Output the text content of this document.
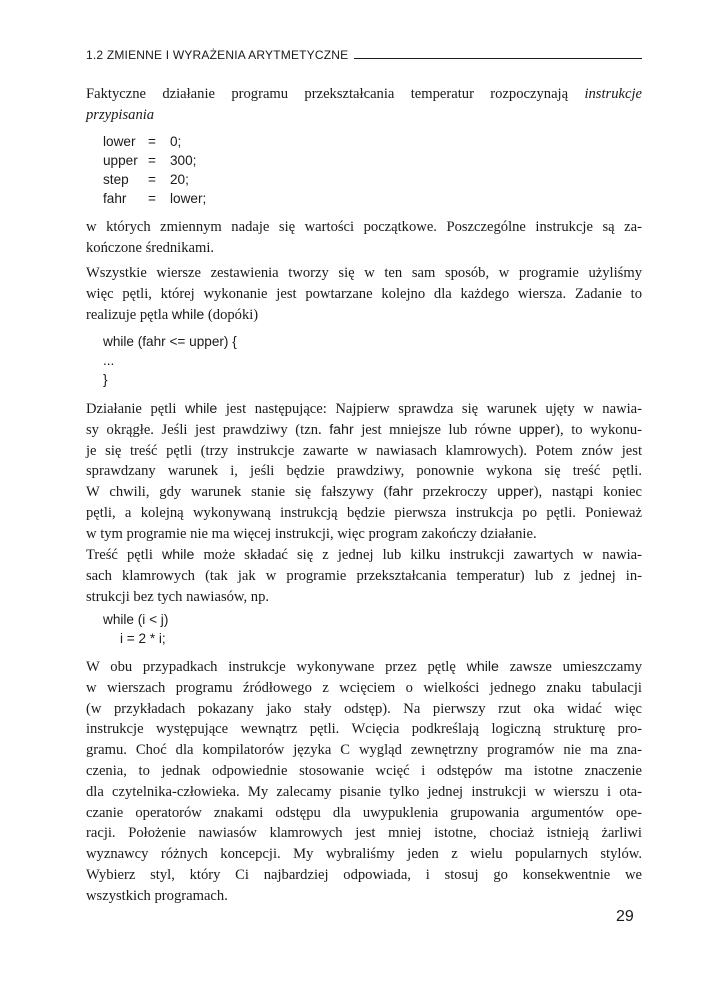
1.2 ZMIENNE I WYRAŻENIA ARYTMETYCZNE
Faktyczne działanie programu przekształcania temperatur rozpoczynają instrukcje
przypisania
lower =	0;
upper =	300;
step	=	20;
fahr	=	lower;
w których zmiennym nadaje się wartości początkowe. Poszczególne instrukcje są za-
kończone średnikami.
Wszystkie wiersze zestawienia tworzy się w ten sam sposób, w programie użyliśmy
więc pętli, której wykonanie jest powtarzane kolejno dla każdego wiersza. Zadanie to
realizuje pętla while (dopóki)
while (fahr <= upper) {
...
}
Działanie pętli while jest następujące: Najpierw sprawdza się warunek ujęty w nawia-
sy okrągłe. Jeśli jest prawdziwy (tzn. fahr jest mniejsze lub równe upper), to wykonu-
je się treść pętli (trzy instrukcje zawarte w nawiasach klamrowych). Potem znów jest
sprawdzany warunek i, jeśli będzie prawdziwy, ponownie wykona się treść pętli.
W chwili, gdy warunek stanie się fałszywy (fahr przekroczy upper), nastąpi koniec
pętli, a kolejną wykonywaną instrukcją będzie pierwsza instrukcja po pętli. Ponieważ
w tym programie nie ma więcej instrukcji, więc program zakończy działanie.
Treść pętli while może składać się z jednej lub kilku instrukcji zawartych w nawia-
sach klamrowych (tak jak w programie przekształcania temperatur) lub z jednej in-
strukcji bez tych nawiasów, np.
while (i < j)
i = 2 * i;
W obu przypadkach instrukcje wykonywane przez pętlę while zawsze umieszczamy
w wierszach programu źródłowego z wcięciem o wielkości jednego znaku tabulacji
(w przykładach pokazany jako stały odstęp). Na pierwszy rzut oka widać więc
instrukcje występujące wewnątrz pętli. Wcięcia podkreślają logiczną strukturę pro-
gramu. Choć dla kompilatorów języka C wygląd zewnętrzny programów nie ma zna-
czenia, to jednak odpowiednie stosowanie wcięć i odstępów ma istotne znaczenie
dla czytelnika-człowieka. My zalecamy pisanie tylko jednej instrukcji w wierszu i ota-
czanie operatorów znakami odstępu dla uwypuklenia grupowania argumentów ope-
racji. Położenie nawiasów klamrowych jest mniej istotne, chociaż istnieją żarliwi
wyznawcy różnych koncepcji. My wybraliśmy jeden z wielu popularnych stylów.
Wybierz styl, który Ci najbardziej odpowiada, i stosuj go konsekwentnie we
wszystkich programach.
29
